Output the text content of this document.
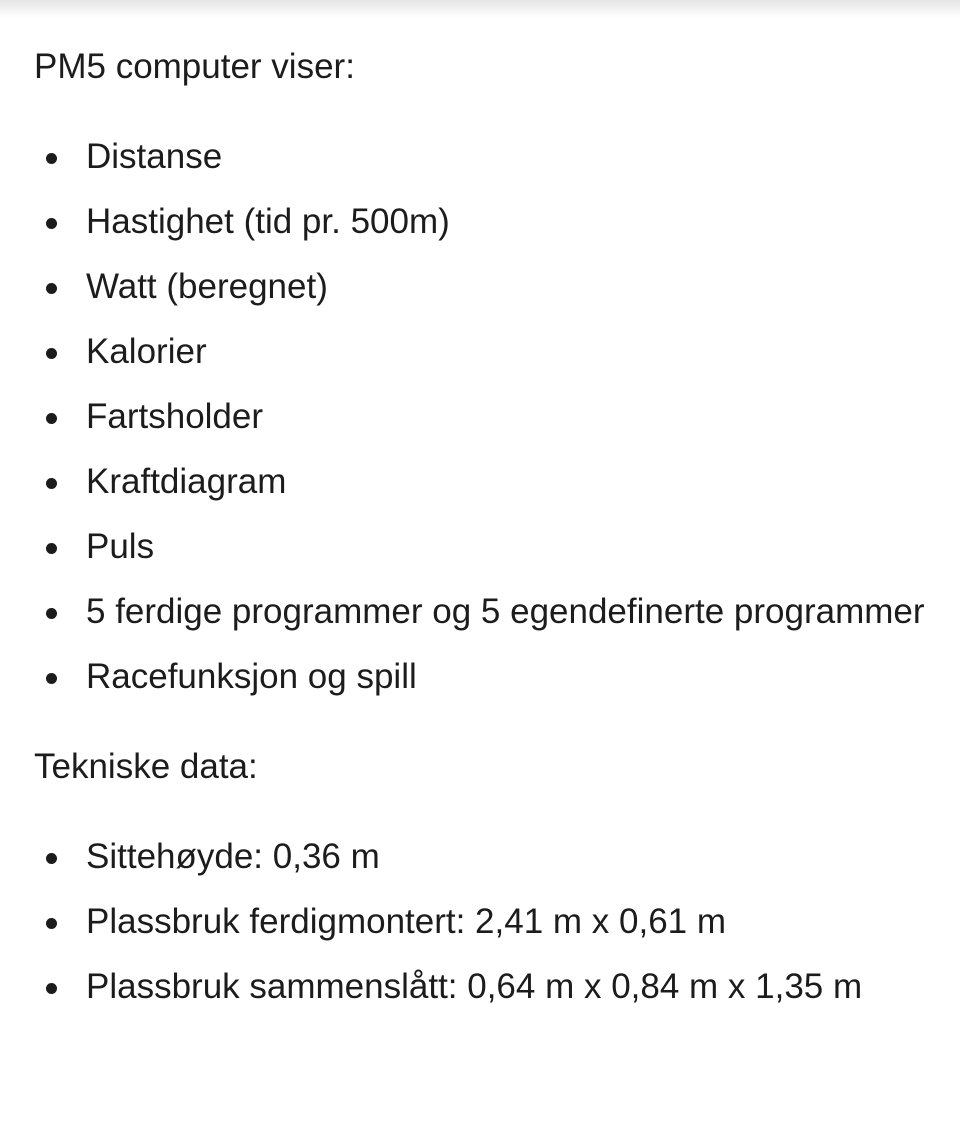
PM5 computer viser:

Distanse
Hastighet (tid pr. 500m)
Watt (beregnet)
Kalorier
Fartsholder
Kraftdiagram
Puls
5 ferdige programmer og 5 egendefinerte programmer
Racefunksjon og spill

Tekniske data:

Sittehøyde: 0,36 m
Plassbruk ferdigmontert: 2,41 m x 0,61 m
Plassbruk sammenslått: 0,64 m x 0,84 m x 1,35 m
